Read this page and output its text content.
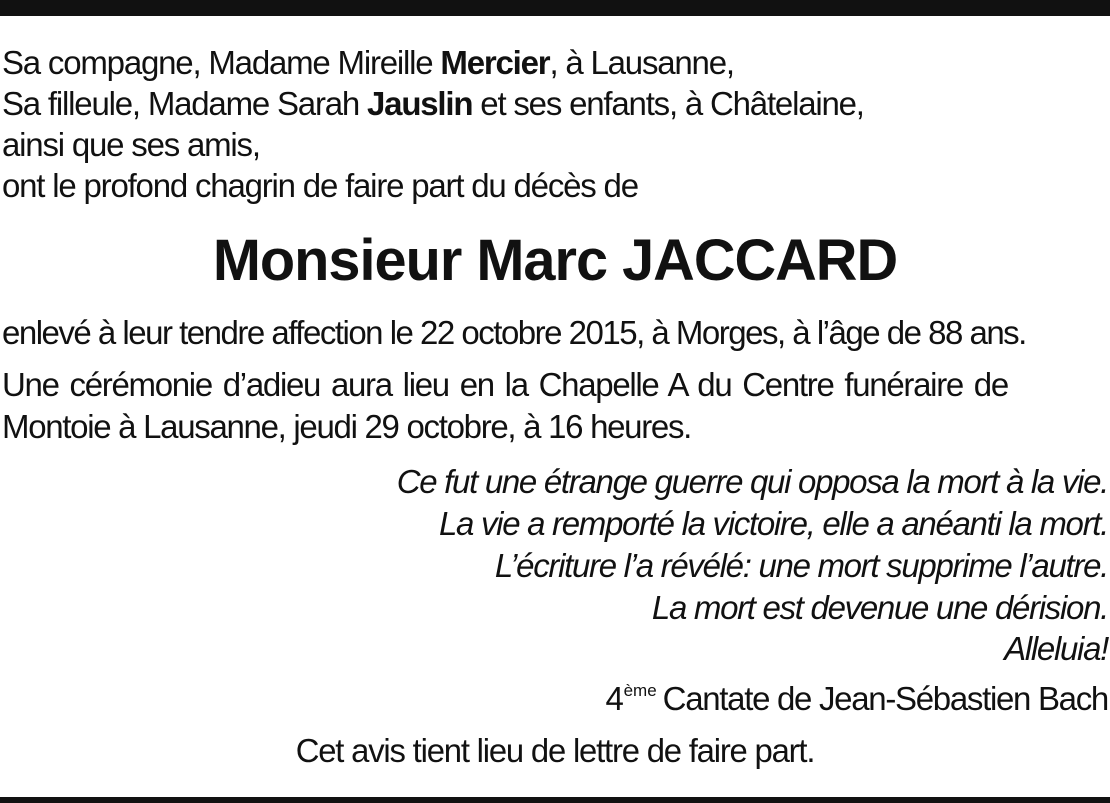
Sa compagne, Madame Mireille Mercier, à Lausanne,
Sa filleule, Madame Sarah Jauslin et ses enfants, à Châtelaine,
ainsi que ses amis,
ont le profond chagrin de faire part du décès de
Monsieur Marc JACCARD
enlevé à leur tendre affection le 22 octobre 2015, à Morges, à l’âge de 88 ans.
Une cérémonie d’adieu aura lieu en la Chapelle A du Centre funéraire de
Montoie à Lausanne, jeudi 29 octobre, à 16 heures.
Ce fut une étrange guerre qui opposa la mort à la vie.
La vie a remporté la victoire, elle a anéanti la mort.
L’écriture l’a révélé: une mort supprime l’autre.
La mort est devenue une dérision.
Alleluia!
4ème Cantate de Jean-Sébastien Bach
Cet avis tient lieu de lettre de faire part.
